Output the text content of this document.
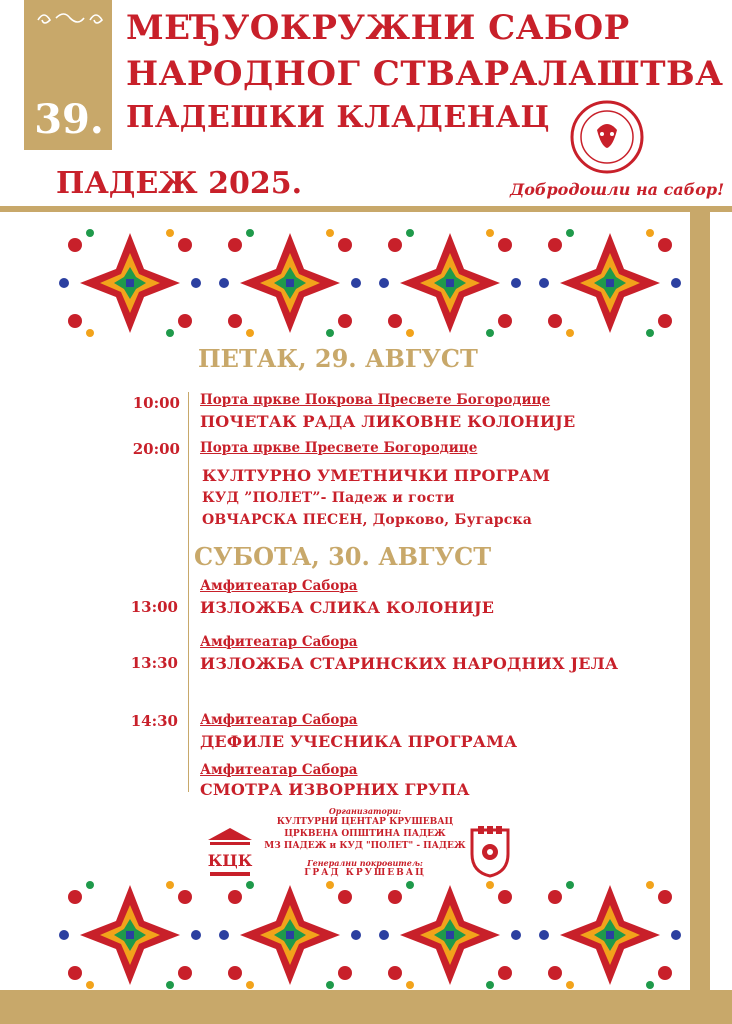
39.
МЕЂУОКРУЖНИ САБОР
НАРОДНОГ СТВАРАЛАШТВА
ПАДЕШКИ КЛАДЕНАЦ
ПАДЕЖ 2025.	Добродошли на сабор!
ПЕТАК, 29. АВГУСТ
10:00 Порта цркве Покрова Пресвете Богородице
ПОЧЕТАК РАДА ЛИКОВНЕ КОЛОНИЈЕ
20:00 Порта цркве Пресвете Богородице
КУЛТУРНО УМЕТНИЧКИ ПРОГРАМ
КУД ”ПОЛЕТ”- Падеж и гости
ОВЧАРСКА ПЕСЕН, Дорково, Бугарска
СУБОТА, 30. АВГУСТ
Амфитеатар Сабора
13:00 ИЗЛОЖБА СЛИКА КОЛОНИЈЕ
Амфитеатар Сабора
13:30 ИЗЛОЖБА СТАРИНСКИХ НАРОДНИХ ЈЕЛА
14:30 Амфитеатар Сабора
ДЕФИЛЕ УЧЕСНИКА ПРОГРАМА
Амфитеатар Сабора
СМОТРА ИЗВОРНИХ ГРУПА
КЦК
Организатори:
КУЛТУРНИ ЦЕНТАР КРУШЕВАЦ
ЦРКВЕНА ОПШТИНА ПАДЕЖ
МЗ ПАДЕЖ и КУД "ПОЛЕТ" - ПАДЕЖ
Генерални покровитељ:
ГРАД КРУШЕВАЦ
